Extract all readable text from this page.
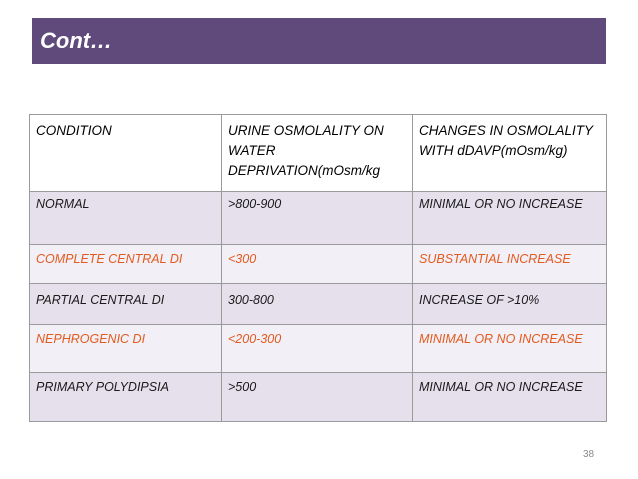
Cont…
CONDITION	URINE OSMOLALITY ON WATER DEPRIVATION(mOsm/kg	CHANGES IN OSMOLALITY WITH dDAVP(mOsm/kg)
NORMAL	>800-900	MINIMAL OR NO INCREASE
COMPLETE CENTRAL DI	<300	SUBSTANTIAL INCREASE
PARTIAL CENTRAL DI	300-800	INCREASE OF >10%
NEPHROGENIC DI	<200-300	MINIMAL OR NO INCREASE
PRIMARY POLYDIPSIA	>500	MINIMAL OR NO INCREASE
38
